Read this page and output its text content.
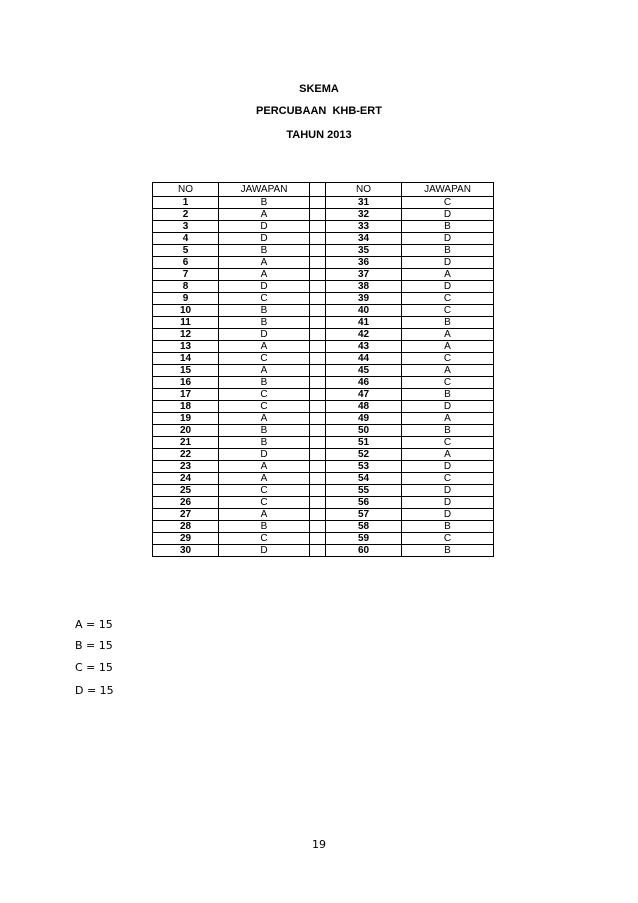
SKEMA
PERCUBAAN  KHB-ERT
TAHUN 2013
NO	JAWAPAN		NO	JAWAPAN
1	B		31	C
2	A		32	D
3	D		33	B
4	D		34	D
5	B		35	B
6	A		36	D
7	A		37	A
8	D		38	D
9	C		39	C
10	B		40	C
11	B		41	B
12	D		42	A
13	A		43	A
14	C		44	C
15	A		45	A
16	B		46	C
17	C		47	B
18	C		48	D
19	A		49	A
20	B		50	B
21	B		51	C
22	D		52	A
23	A		53	D
24	A		54	C
25	C		55	D
26	C		56	D
27	A		57	D
28	B		58	B
29	C		59	C
30	D		60	B
A = 15
B = 15
C = 15
D = 15
19
